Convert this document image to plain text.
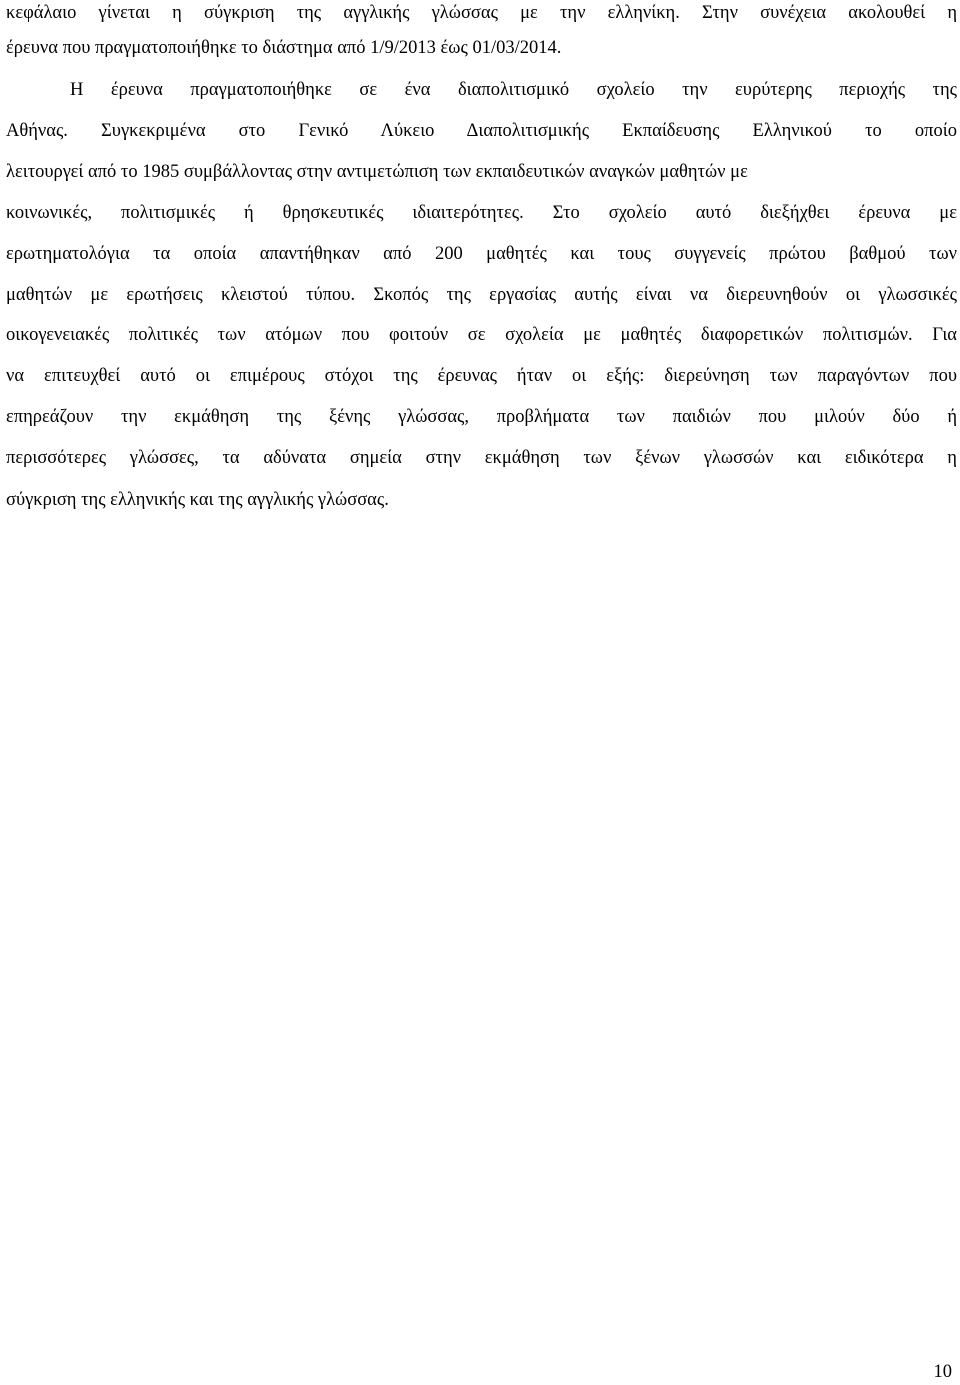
κεφάλαιο γίνεται η σύγκριση της αγγλικής γλώσσας με την ελληνίκη. Στην συνέχεια ακολουθεί η
έρευνα που πραγματοποιήθηκε το διάστημα από 1/9/2013 έως 01/03/2014.
Η έρευνα πραγματοποιήθηκε σε ένα διαπολιτισμικό σχολείο την ευρύτερης περιοχής της
Αθήνας. Συγκεκριμένα στο Γενικό Λύκειο Διαπολιτισμικής Εκπαίδευσης Ελληνικού το οποίο
λειτουργεί από το 1985 συμβάλλοντας στην αντιμετώπιση των εκπαιδευτικών αναγκών μαθητών με
κοινωνικές, πολιτισμικές ή θρησκευτικές ιδιαιτερότητες. Στο σχολείο αυτό διεξήχθει έρευνα με
ερωτηματολόγια τα οποία απαντήθηκαν από 200 μαθητές και τους συγγενείς πρώτου βαθμού των
μαθητών με ερωτήσεις κλειστού τύπου. Σκοπός της εργασίας αυτής είναι να διερευνηθούν οι γλωσσικές
οικογενειακές πολιτικές των ατόμων που φοιτούν σε σχολεία με μαθητές διαφορετικών πολιτισμών. Για
να επιτευχθεί αυτό οι επιμέρους στόχοι της έρευνας ήταν οι εξής: διερεύνηση των παραγόντων που
επηρεάζουν την εκμάθηση της ξένης γλώσσας, προβλήματα των παιδιών που μιλούν δύο ή
περισσότερες γλώσσες, τα αδύνατα σημεία στην εκμάθηση των ξένων γλωσσών και ειδικότερα η
σύγκριση της ελληνικής και της αγγλικής γλώσσας.
10
